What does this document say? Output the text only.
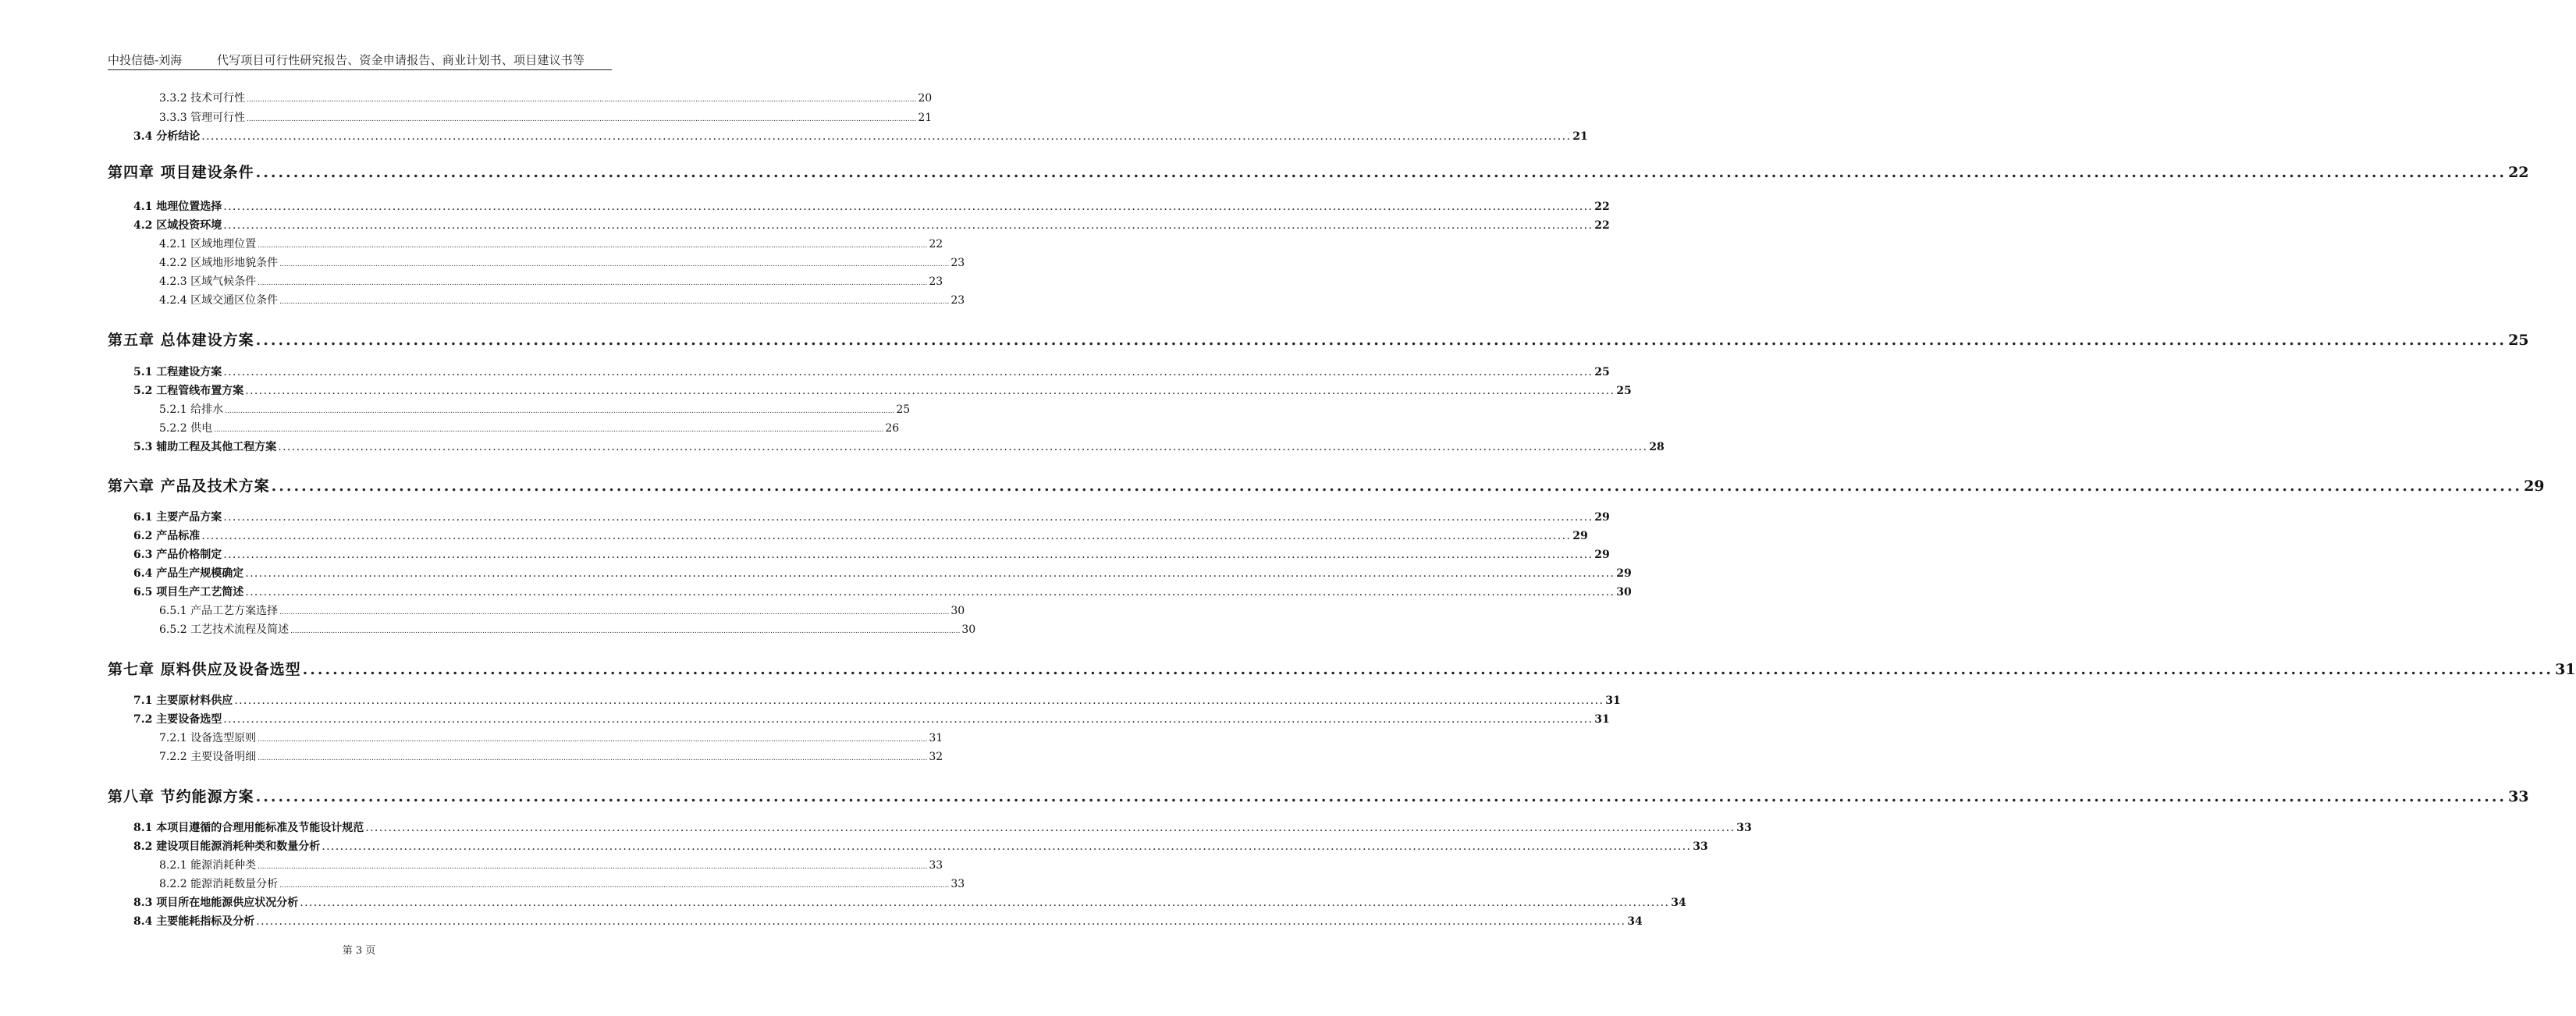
中投信德-刘海	代写项目可行性研究报告、资金申请报告、商业计划书、项目建议书等
3.3.2 技术可行性 ............................................................................................................................................................................................................................................................................................................ 20
3.3.3 管理可行性 ............................................................................................................................................................................................................................................................................................................ 21
3.4 分析结论 ............................................................................................................................................................................................................................................................................................................ 21
第四章 项目建设条件 ............................................................................................................................................................................................................................................................................................................ 22
4.1 地理位置选择 ............................................................................................................................................................................................................................................................................................................ 22
4.2 区域投资环境 ............................................................................................................................................................................................................................................................................................................ 22
4.2.1 区域地理位置 ............................................................................................................................................................................................................................................................................................................ 22
4.2.2 区域地形地貌条件 ............................................................................................................................................................................................................................................................................................................ 23
4.2.3 区域气候条件 ............................................................................................................................................................................................................................................................................................................ 23
4.2.4 区域交通区位条件 ............................................................................................................................................................................................................................................................................................................ 23
第五章 总体建设方案 ............................................................................................................................................................................................................................................................................................................ 25
5.1 工程建设方案 ............................................................................................................................................................................................................................................................................................................ 25
5.2 工程管线布置方案 ............................................................................................................................................................................................................................................................................................................ 25
5.2.1 给排水 ............................................................................................................................................................................................................................................................................................................ 25
5.2.2 供电 ............................................................................................................................................................................................................................................................................................................ 26
5.3 辅助工程及其他工程方案 ............................................................................................................................................................................................................................................................................................................ 28
第六章 产品及技术方案 ............................................................................................................................................................................................................................................................................................................ 29
6.1 主要产品方案 ............................................................................................................................................................................................................................................................................................................ 29
6.2 产品标准 ............................................................................................................................................................................................................................................................................................................ 29
6.3 产品价格制定 ............................................................................................................................................................................................................................................................................................................ 29
6.4 产品生产规模确定 ............................................................................................................................................................................................................................................................................................................ 29
6.5 项目生产工艺简述 ............................................................................................................................................................................................................................................................................................................ 30
6.5.1 产品工艺方案选择 ............................................................................................................................................................................................................................................................................................................ 30
6.5.2 工艺技术流程及简述 ............................................................................................................................................................................................................................................................................................................ 30
第七章 原料供应及设备选型 ............................................................................................................................................................................................................................................................................................................ 31
7.1 主要原材料供应 ............................................................................................................................................................................................................................................................................................................ 31
7.2 主要设备选型 ............................................................................................................................................................................................................................................................................................................ 31
7.2.1 设备选型原则 ............................................................................................................................................................................................................................................................................................................ 31
7.2.2 主要设备明细 ............................................................................................................................................................................................................................................................................................................ 32
第八章 节约能源方案 ............................................................................................................................................................................................................................................................................................................ 33
8.1 本项目遵循的合理用能标准及节能设计规范 ............................................................................................................................................................................................................................................................................................................ 33
8.2 建设项目能源消耗种类和数量分析 ............................................................................................................................................................................................................................................................................................................ 33
8.2.1 能源消耗种类 ............................................................................................................................................................................................................................................................................................................ 33
8.2.2 能源消耗数量分析 ............................................................................................................................................................................................................................................................................................................ 33
8.3 项目所在地能源供应状况分析 ............................................................................................................................................................................................................................................................................................................ 34
8.4 主要能耗指标及分析 ............................................................................................................................................................................................................................................................................................................ 34
第 3 页
